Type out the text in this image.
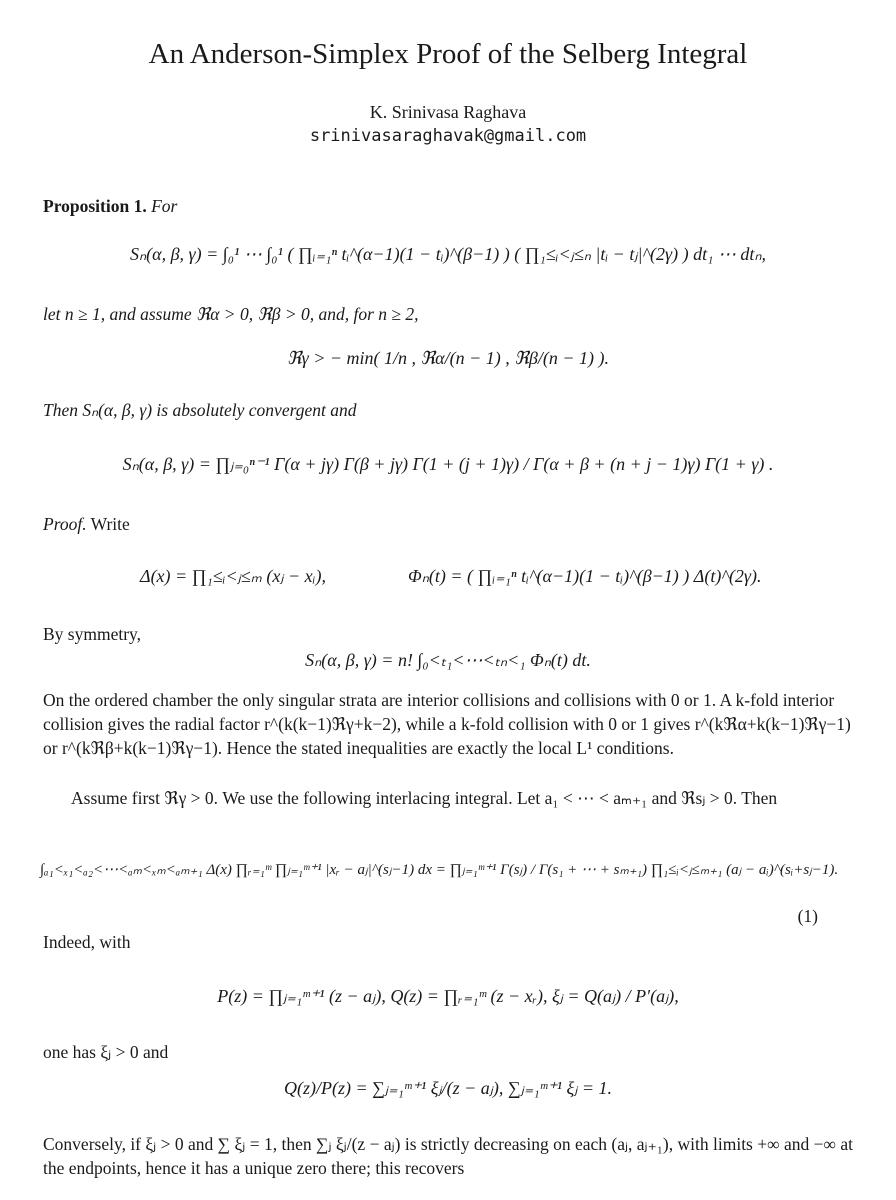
An Anderson-Simplex Proof of the Selberg Integral
K. Srinivasa Raghava
srinivasaraghavak@gmail.com
Proposition 1. For
Sₙ(α, β, γ) = ∫₀¹ ⋯ ∫₀¹ ( ∏ᵢ₌₁ⁿ tᵢ^(α−1)(1 − tᵢ)^(β−1) ) ( ∏₁≤ᵢ<ⱼ≤ₙ |tᵢ − tⱼ|^(2γ) ) dt₁ ⋯ dtₙ,
let n ≥ 1, and assume ℜα > 0, ℜβ > 0, and, for n ≥ 2,
ℜγ > − min( 1/n , ℜα/(n − 1) , ℜβ/(n − 1) ).
Then Sₙ(α, β, γ) is absolutely convergent and
Sₙ(α, β, γ) = ∏ⱼ₌₀ⁿ⁻¹ Γ(α + jγ) Γ(β + jγ) Γ(1 + (j + 1)γ) / Γ(α + β + (n + j − 1)γ) Γ(1 + γ) .
Proof. Write
Δ(x) = ∏₁≤ᵢ<ⱼ≤ₘ (xⱼ − xᵢ),	Φₙ(t) = ( ∏ᵢ₌₁ⁿ tᵢ^(α−1)(1 − tᵢ)^(β−1) ) Δ(t)^(2γ).
By symmetry,
Sₙ(α, β, γ) = n! ∫₀<ₜ₁<⋯<ₜₙ<₁ Φₙ(t) dt.
On the ordered chamber the only singular strata are interior collisions and collisions with 0 or 1. A k-fold interior collision gives the radial factor r^(k(k−1)ℜγ+k−2), while a k-fold collision with 0 or 1 gives r^(kℜα+k(k−1)ℜγ−1) or r^(kℜβ+k(k−1)ℜγ−1). Hence the stated inequalities are exactly the local L¹ conditions.
Assume first ℜγ > 0. We use the following interlacing integral. Let a₁ < ⋯ < aₘ₊₁ and ℜsⱼ > 0. Then
∫ₐ₁<ₓ₁<ₐ₂<⋯<ₐₘ<ₓₘ<ₐₘ₊₁ Δ(x) ∏ᵣ₌₁ᵐ ∏ⱼ₌₁ᵐ⁺¹ |xᵣ − aⱼ|^(sⱼ−1) dx = ∏ⱼ₌₁ᵐ⁺¹ Γ(sⱼ) / Γ(s₁ + ⋯ + sₘ₊₁) ∏₁≤ᵢ<ⱼ≤ₘ₊₁ (aⱼ − aᵢ)^(sᵢ+sⱼ−1).
(1)
Indeed, with
P(z) = ∏ⱼ₌₁ᵐ⁺¹ (z − aⱼ), Q(z) = ∏ᵣ₌₁ᵐ (z − xᵣ), ξⱼ = Q(aⱼ) / P′(aⱼ),
one has ξⱼ > 0 and
Q(z)/P(z) = ∑ⱼ₌₁ᵐ⁺¹ ξⱼ/(z − aⱼ), ∑ⱼ₌₁ᵐ⁺¹ ξⱼ = 1.
Conversely, if ξⱼ > 0 and ∑ ξⱼ = 1, then ∑ⱼ ξⱼ/(z − aⱼ) is strictly decreasing on each (aⱼ, aⱼ₊₁), with limits +∞ and −∞ at the endpoints, hence it has a unique zero there; this recovers
